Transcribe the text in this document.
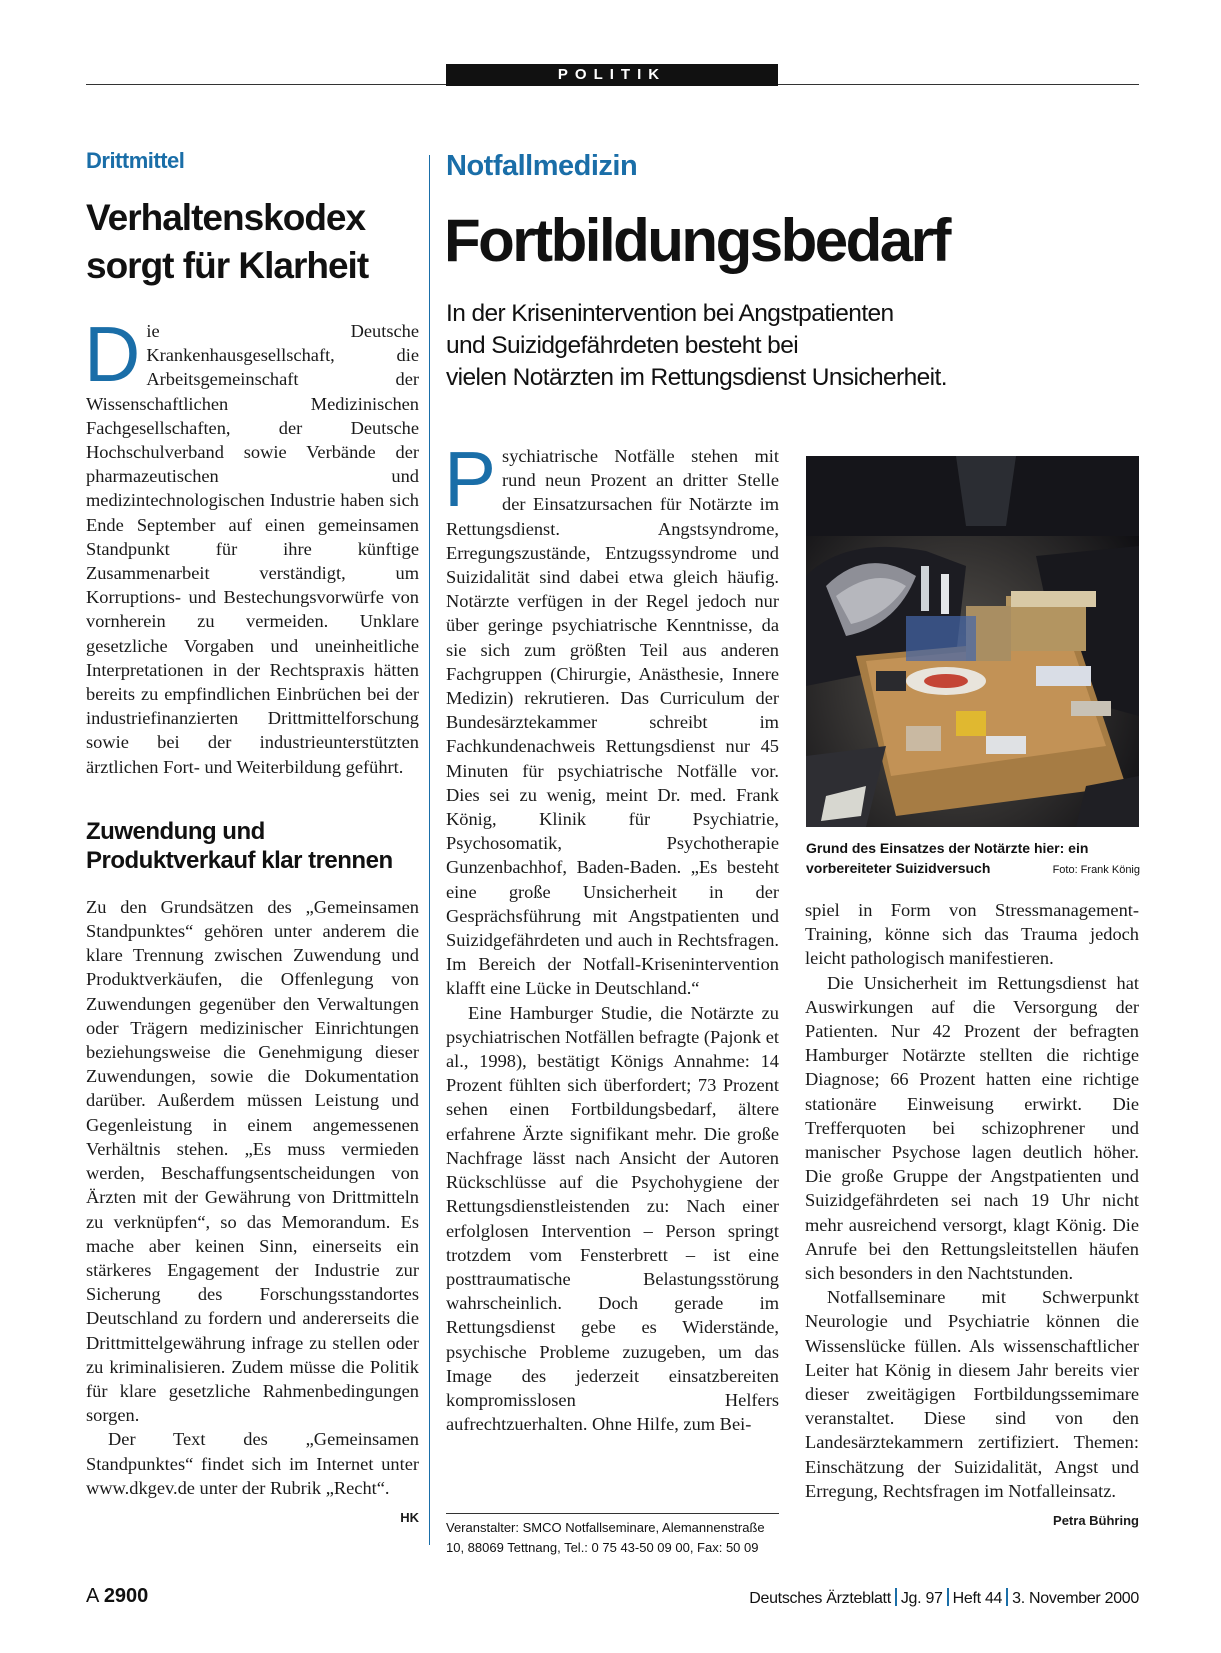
POLITIK
Drittmittel
Verhaltenskodex
sorgt für Klarheit

Die Deutsche Krankenhausgesellschaft, die Arbeitsgemeinschaft der Wissenschaftlichen Medizinischen Fachgesellschaften, der Deutsche Hochschulverband sowie Verbände der pharmazeutischen und medizintechnologischen Industrie haben sich Ende September auf einen gemeinsamen Standpunkt für ihre künftige Zusammenarbeit verständigt, um Korruptions- und Bestechungsvorwürfe von vornherein zu vermeiden. Unklare gesetzliche Vorgaben und uneinheitliche Interpretationen in der Rechtspraxis hätten bereits zu empfindlichen Einbrüchen bei der industriefinanzierten Drittmittelforschung sowie bei der industrieunterstützten ärztlichen Fort- und Weiterbildung geführt.

Zuwendung und
Produktverkauf klar trennen

Zu den Grundsätzen des „Gemeinsamen Standpunktes“ gehören unter anderem die klare Trennung zwischen Zuwendung und Produktverkäufen, die Offenlegung von Zuwendungen gegenüber den Verwaltungen oder Trägern medizinischer Einrichtungen beziehungsweise die Genehmigung dieser Zuwendungen, sowie die Dokumentation darüber. Außerdem müssen Leistung und Gegenleistung in einem angemessenen Verhältnis stehen. „Es muss vermieden werden, Beschaffungsentscheidungen von Ärzten mit der Gewährung von Drittmitteln zu verknüpfen“, so das Memorandum. Es mache aber keinen Sinn, einerseits ein stärkeres Engagement der Industrie zur Sicherung des Forschungsstandortes Deutschland zu fordern und andererseits die Drittmittelgewährung infrage zu stellen oder zu kriminalisieren. Zudem müsse die Politik für klare gesetzliche Rahmenbedingungen sorgen.

Der Text des „Gemeinsamen Standpunktes“ findet sich im Internet unter www.dkgev.de unter der Rubrik „Recht“.
HK

Notfallmedizin
Fortbildungsbedarf
In der Krisenintervention bei Angstpatienten
und Suizidgefährdeten besteht bei
vielen Notärzten im Rettungsdienst Unsicherheit.

Psychiatrische Notfälle stehen mit rund neun Prozent an dritter Stelle der Einsatzursachen für Notärzte im Rettungsdienst. Angstsyndrome, Erregungszustände, Entzugssyndrome und Suizidalität sind dabei etwa gleich häufig. Notärzte verfügen in der Regel jedoch nur über geringe psychiatrische Kenntnisse, da sie sich zum größten Teil aus anderen Fachgruppen (Chirurgie, Anästhesie, Innere Medizin) rekrutieren. Das Curriculum der Bundesärztekammer schreibt im Fachkundenachweis Rettungsdienst nur 45 Minuten für psychiatrische Notfälle vor. Dies sei zu wenig, meint Dr. med. Frank König, Klinik für Psychiatrie, Psychosomatik, Psychotherapie Gunzenbachhof, Baden-Baden. „Es besteht eine große Unsicherheit in der Gesprächsführung mit Angstpatienten und Suizidgefährdeten und auch in Rechtsfragen. Im Bereich der Notfall-Krisenintervention klafft eine Lücke in Deutschland.“

Eine Hamburger Studie, die Notärzte zu psychiatrischen Notfällen befragte (Pajonk et al., 1998), bestätigt Königs Annahme: 14 Prozent fühlten sich überfordert; 73 Prozent sehen einen Fortbildungsbedarf, ältere erfahrene Ärzte signifikant mehr. Die große Nachfrage lässt nach Ansicht der Autoren Rückschlüsse auf die Psychohygiene der Rettungsdienstleistenden zu: Nach einer erfolglosen Intervention – Person springt trotzdem vom Fensterbrett – ist eine posttraumatische Belastungsstörung wahrscheinlich. Doch gerade im Rettungsdienst gebe es Widerstände, psychische Probleme zuzugeben, um das Image des jederzeit einsatzbereiten kompromisslosen Helfers aufrechtzuerhalten. Ohne Hilfe, zum Bei-

Grund des Einsatzes der Notärzte hier: ein vorbereiteter Suizidversuch	Foto: Frank König

spiel in Form von Stressmanagement-Training, könne sich das Trauma jedoch leicht pathologisch manifestieren.

Die Unsicherheit im Rettungsdienst hat Auswirkungen auf die Versorgung der Patienten. Nur 42 Prozent der befragten Hamburger Notärzte stellten die richtige Diagnose; 66 Prozent hatten eine richtige stationäre Einweisung erwirkt. Die Trefferquoten bei schizophrener und manischer Psychose lagen deutlich höher. Die große Gruppe der Angstpatienten und Suizidgefährdeten sei nach 19 Uhr nicht mehr ausreichend versorgt, klagt König. Die Anrufe bei den Rettungsleitstellen häufen sich besonders in den Nachtstunden.

Notfallseminare mit Schwerpunkt Neurologie und Psychiatrie können die Wissenslücke füllen. Als wissenschaftlicher Leiter hat König in diesem Jahr bereits vier dieser zweitägigen Fortbildungssemimare veranstaltet. Diese sind von den Landesärztekammern zertifiziert. Themen: Einschätzung der Suizidalität, Angst und Erregung, Rechtsfragen im Notfalleinsatz.
Petra Bühring

Veranstalter: SMCO Notfallseminare, Alemannenstraße 10, 88069 Tettnang, Tel.: 0 75 43-50 09 00, Fax: 50 09
A 2900	Deutsches Ärzteblatt Jg. 97 Heft 44 3. November 2000
